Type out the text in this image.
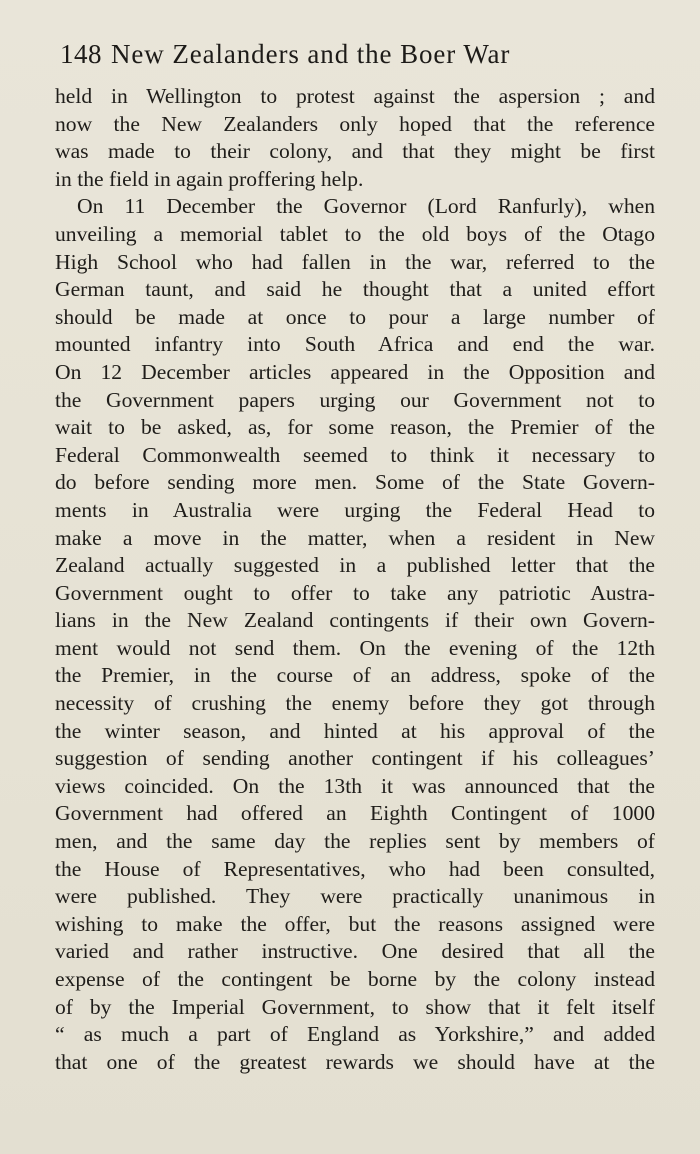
148 New Zealanders and the Boer War
held in Wellington to protest against the aspersion ; and
now the New Zealanders only hoped that the reference
was made to their colony, and that they might be first
in the field in again proffering help.
On 11 December the Governor (Lord Ranfurly), when
unveiling a memorial tablet to the old boys of the Otago
High School who had fallen in the war, referred to the
German taunt, and said he thought that a united effort
should be made at once to pour a large number of
mounted infantry into South Africa and end the war.
On 12 December articles appeared in the Opposition and
the Government papers urging our Government not to
wait to be asked, as, for some reason, the Premier of the
Federal Commonwealth seemed to think it necessary to
do before sending more men. Some of the State Govern-
ments in Australia were urging the Federal Head to
make a move in the matter, when a resident in New
Zealand actually suggested in a published letter that the
Government ought to offer to take any patriotic Austra-
lians in the New Zealand contingents if their own Govern-
ment would not send them. On the evening of the 12th
the Premier, in the course of an address, spoke of the
necessity of crushing the enemy before they got through
the winter season, and hinted at his approval of the
suggestion of sending another contingent if his colleagues’
views coincided. On the 13th it was announced that the
Government had offered an Eighth Contingent of 1000
men, and the same day the replies sent by members of
the House of Representatives, who had been consulted,
were published. They were practically unanimous in
wishing to make the offer, but the reasons assigned were
varied and rather instructive. One desired that all the
expense of the contingent be borne by the colony instead
of by the Imperial Government, to show that it felt itself
“ as much a part of England as Yorkshire,” and added
that one of the greatest rewards we should have at the
